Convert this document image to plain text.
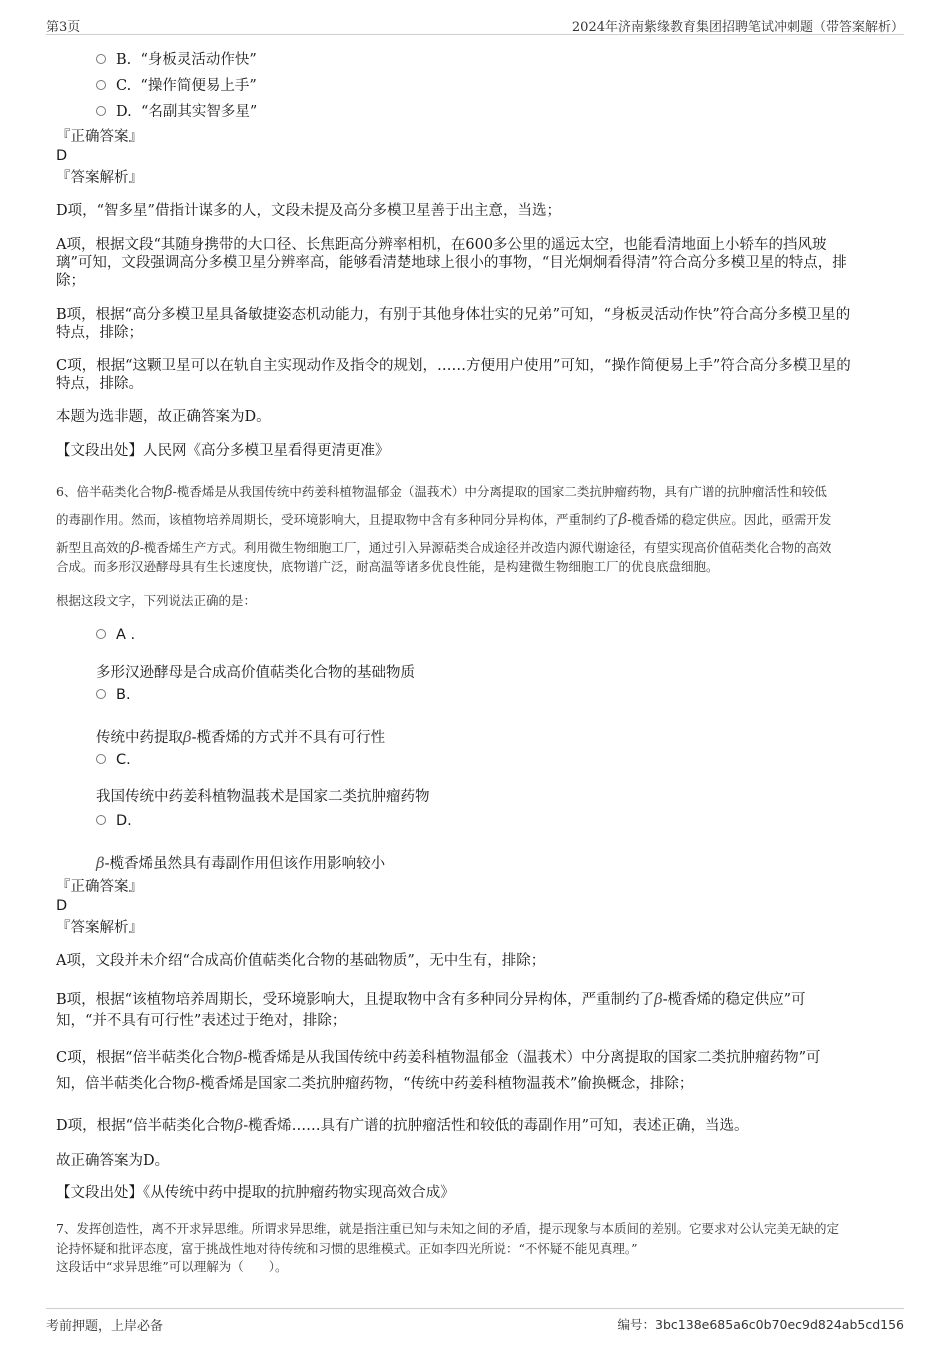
第3页	2024年济南紫缘教育集团招聘笔试冲刺题（带答案解析）
B. “身板灵活动作快”
C. “操作简便易上手”
D. “名副其实智多星”
『正确答案』
D
『答案解析』
D项，“智多星”借指计谋多的人，文段未提及高分多模卫星善于出主意，当选；
A项，根据文段“其随身携带的大口径、长焦距高分辨率相机，在600多公里的遥远太空，也能看清地面上小轿车的挡风玻
璃”可知，文段强调高分多模卫星分辨率高，能够看清楚地球上很小的事物，“目光炯炯看得清”符合高分多模卫星的特点，排
除；
B项，根据“高分多模卫星具备敏捷姿态机动能力，有别于其他身体壮实的兄弟”可知，“身板灵活动作快”符合高分多模卫星的
特点，排除；
C项，根据“这颗卫星可以在轨自主实现动作及指令的规划，……方便用户使用”可知，“操作简便易上手”符合高分多模卫星的
特点，排除。
本题为选非题，故正确答案为D。
【文段出处】人民网《高分多模卫星看得更清更准》
6、倍半萜类化合物β-榄香烯是从我国传统中药姜科植物温郁金（温莪术）中分离提取的国家二类抗肿瘤药物，具有广谱的抗肿瘤活性和较低
的毒副作用。然而，该植物培养周期长，受环境影响大，且提取物中含有多种同分异构体，严重制约了β-榄香烯的稳定供应。因此，亟需开发
新型且高效的β-榄香烯生产方式。利用微生物细胞工厂，通过引入异源萜类合成途径并改造内源代谢途径，有望实现高价值萜类化合物的高效
合成。而多形汉逊酵母具有生长速度快，底物谱广泛，耐高温等诸多优良性能，是构建微生物细胞工厂的优良底盘细胞。
根据这段文字，下列说法正确的是：
A .
多形汉逊酵母是合成高价值萜类化合物的基础物质
B.
传统中药提取β-榄香烯的方式并不具有可行性
C.
我国传统中药姜科植物温莪术是国家二类抗肿瘤药物
D.
β-榄香烯虽然具有毒副作用但该作用影响较小
『正确答案』
D
『答案解析』
A项，文段并未介绍“合成高价值萜类化合物的基础物质”，无中生有，排除；
B项，根据“该植物培养周期长，受环境影响大，且提取物中含有多种同分异构体，严重制约了β-榄香烯的稳定供应”可
知，“并不具有可行性”表述过于绝对，排除；
C项，根据“倍半萜类化合物β-榄香烯是从我国传统中药姜科植物温郁金（温莪术）中分离提取的国家二类抗肿瘤药物”可
知，倍半萜类化合物β-榄香烯是国家二类抗肿瘤药物，“传统中药姜科植物温莪术”偷换概念，排除；
D项，根据“倍半萜类化合物β-榄香烯……具有广谱的抗肿瘤活性和较低的毒副作用”可知，表述正确，当选。
故正确答案为D。
【文段出处】《从传统中药中提取的抗肿瘤药物实现高效合成》
7、发挥创造性，离不开求异思维。所谓求异思维，就是指注重已知与未知之间的矛盾，提示现象与本质间的差别。它要求对公认完美无缺的定
论持怀疑和批评态度，富于挑战性地对待传统和习惯的思维模式。正如李四光所说：“不怀疑不能见真理。”
这段话中“求异思维”可以理解为（　　）。
考前押题，上岸必备	编号：3bc138e685a6c0b70ec9d824ab5cd156
